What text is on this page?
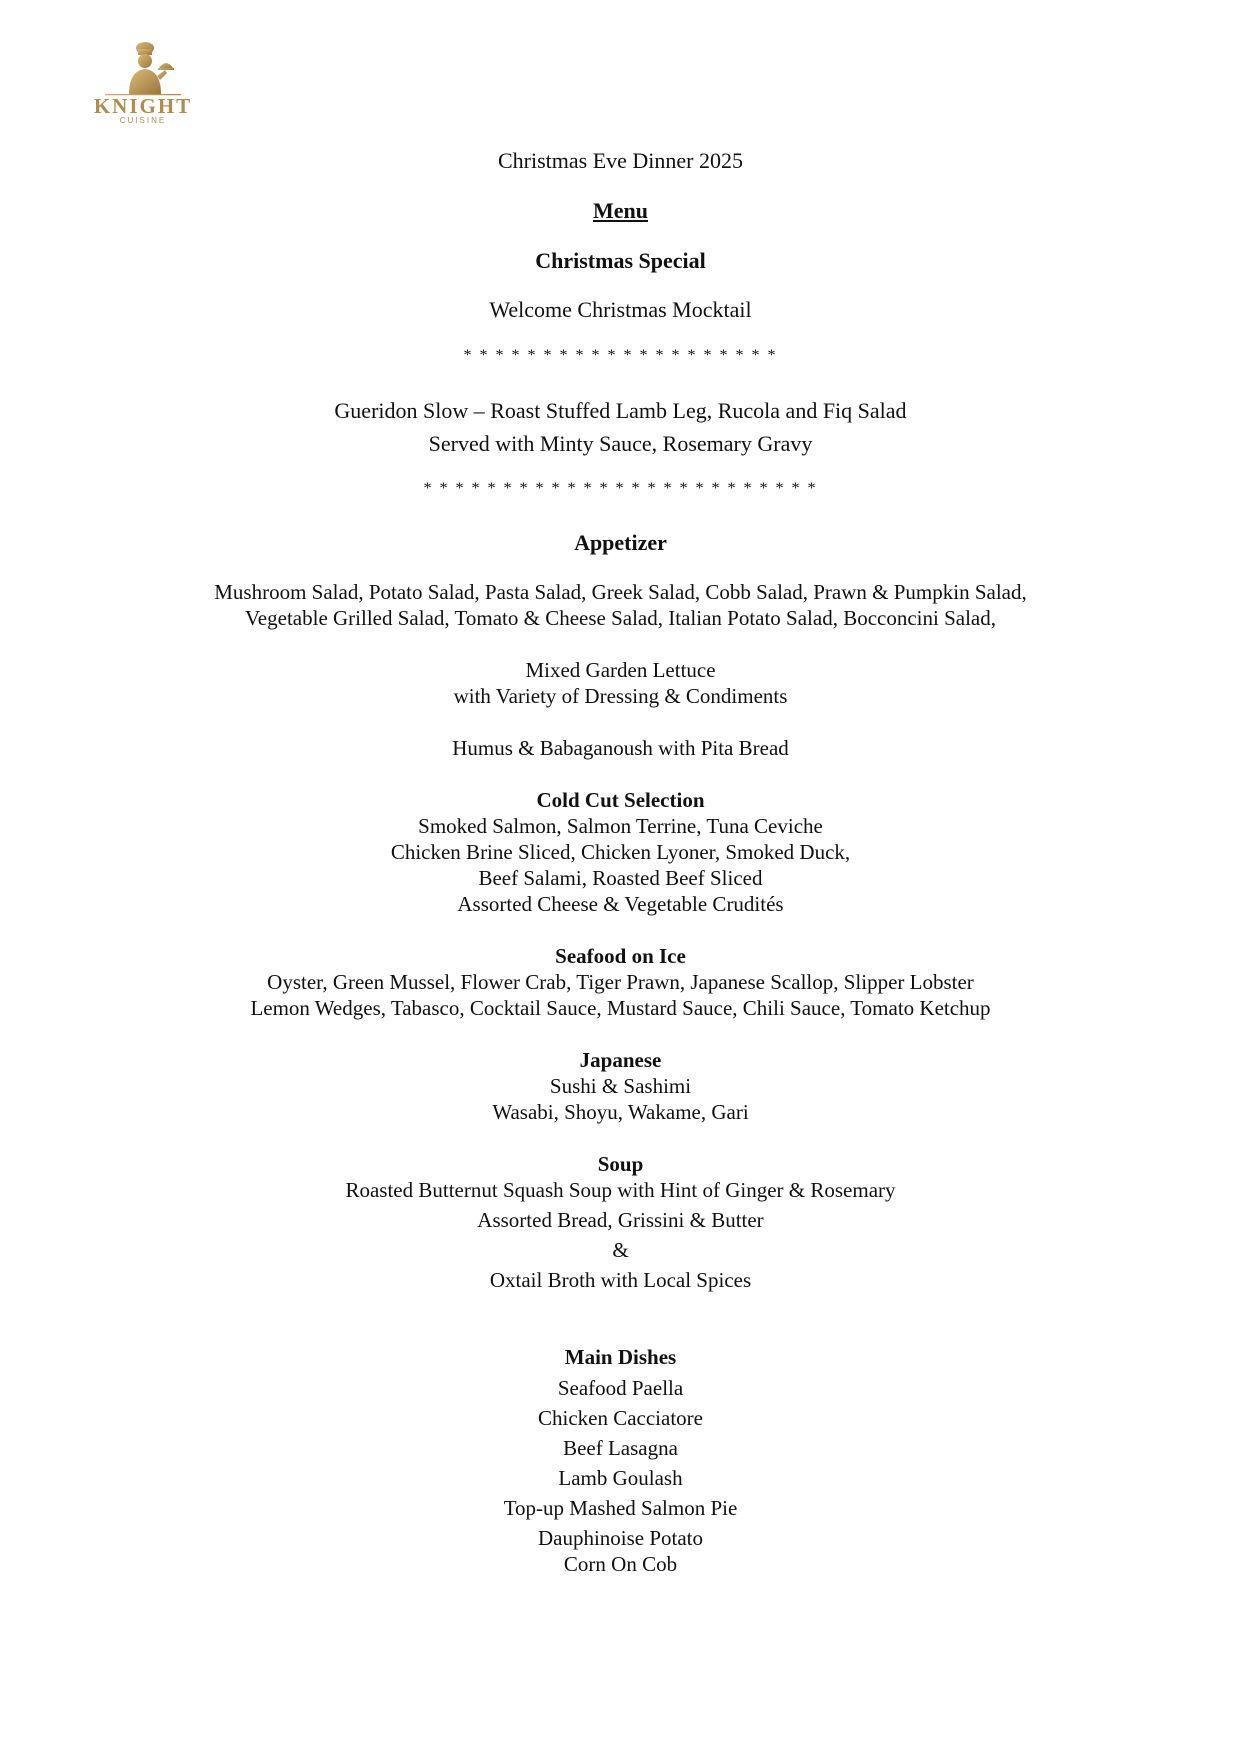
KNIGHT
CUISINE
Christmas Eve Dinner 2025
Menu
Christmas Special
Welcome Christmas Mocktail
* * * * * * * * * * * * * * * * * * * *
Gueridon Slow – Roast Stuffed Lamb Leg, Rucola and Fiq Salad
Served with Minty Sauce, Rosemary Gravy
* * * * * * * * * * * * * * * * * * * * * * * * *
Appetizer
Mushroom Salad, Potato Salad, Pasta Salad, Greek Salad, Cobb Salad, Prawn & Pumpkin Salad,
Vegetable Grilled Salad, Tomato & Cheese Salad, Italian Potato Salad, Bocconcini Salad,
Mixed Garden Lettuce
with Variety of Dressing & Condiments
Humus & Babaganoush with Pita Bread
Cold Cut Selection
Smoked Salmon, Salmon Terrine, Tuna Ceviche
Chicken Brine Sliced, Chicken Lyoner, Smoked Duck,
Beef Salami, Roasted Beef Sliced
Assorted Cheese & Vegetable Crudités
Seafood on Ice
Oyster, Green Mussel, Flower Crab, Tiger Prawn, Japanese Scallop, Slipper Lobster
Lemon Wedges, Tabasco, Cocktail Sauce, Mustard Sauce, Chili Sauce, Tomato Ketchup
Japanese
Sushi & Sashimi
Wasabi, Shoyu, Wakame, Gari
Soup
Roasted Butternut Squash Soup with Hint of Ginger & Rosemary
Assorted Bread, Grissini & Butter
&
Oxtail Broth with Local Spices
Main Dishes
Seafood Paella
Chicken Cacciatore
Beef Lasagna
Lamb Goulash
Top-up Mashed Salmon Pie
Dauphinoise Potato
Corn On Cob
